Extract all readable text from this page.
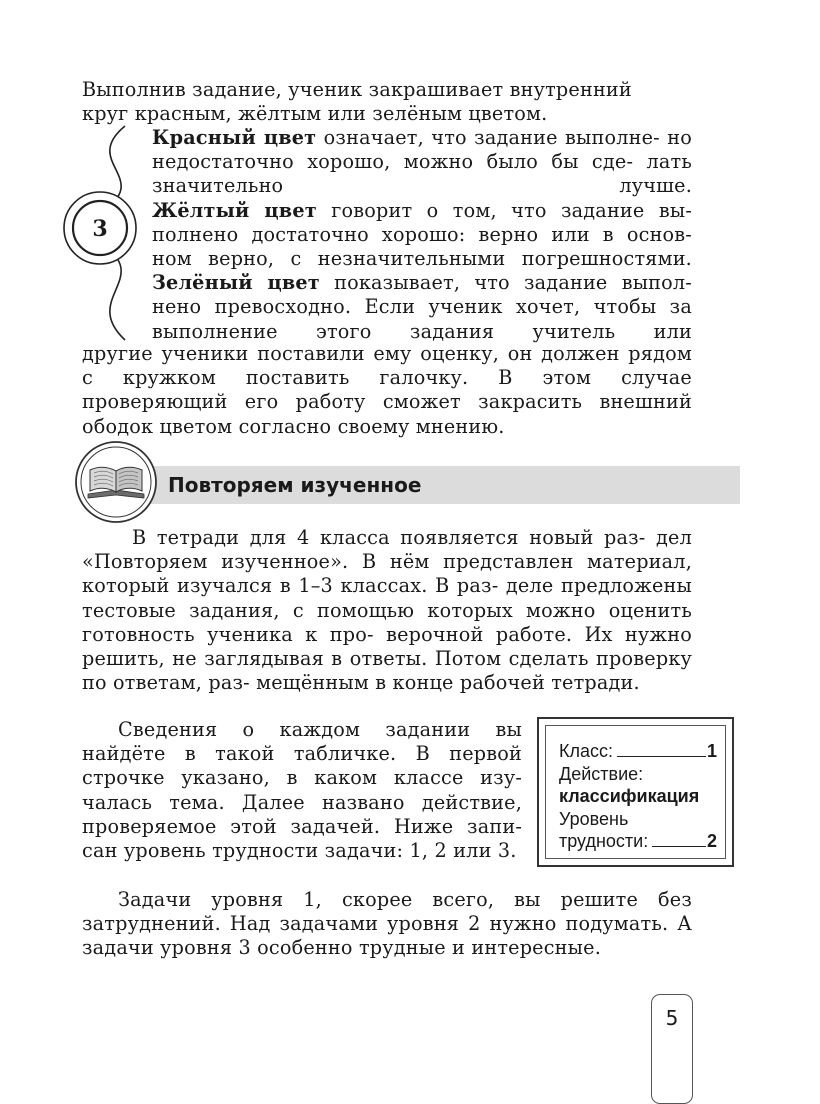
Выполнив задание, ученик закрашивает внутренний
круг красным, жёлтым или зелёным цветом.

3

Красный цвет означает, что задание выполне- но недостаточно хорошо, можно было бы сде- лать значительно лучше.
Жёлтый цвет говорит о том, что задание вы- полнено достаточно хорошо: верно или в основ- ном верно, с незначительными погрешностями.
Зелёный цвет показывает, что задание выпол- нено превосходно. Если ученик хочет, чтобы за выполнение этого задания учитель или

другие ученики поставили ему оценку, он должен рядом с кружком поставить галочку. В этом случае проверяющий его работу сможет закрасить внешний ободок цветом согласно своему мнению.

Повторяем изученное

В тетради для 4 класса появляется новый раз- дел «Повторяем изученное». В нём представлен материал, который изучался в 1–3 классах. В раз- деле предложены тестовые задания, с помощью которых можно оценить готовность ученика к про- верочной работе. Их нужно решить, не заглядывая в ответы. Потом сделать проверку по ответам, раз- мещённым в конце рабочей тетради.

Сведения о каждом задании вы найдёте в такой табличке. В первой строчке указано, в каком классе изу- чалась тема. Далее названо действие, проверяемое этой задачей. Ниже запи- сан уровень трудности задачи: 1, 2 или 3.

Класс:	1
Действие:
классификация
Уровень
трудности:	2

Задачи уровня 1, скорее всего, вы решите без затруднений. Над задачами уровня 2 нужно подумать. А задачи уровня 3 особенно трудные и интересные.

5
